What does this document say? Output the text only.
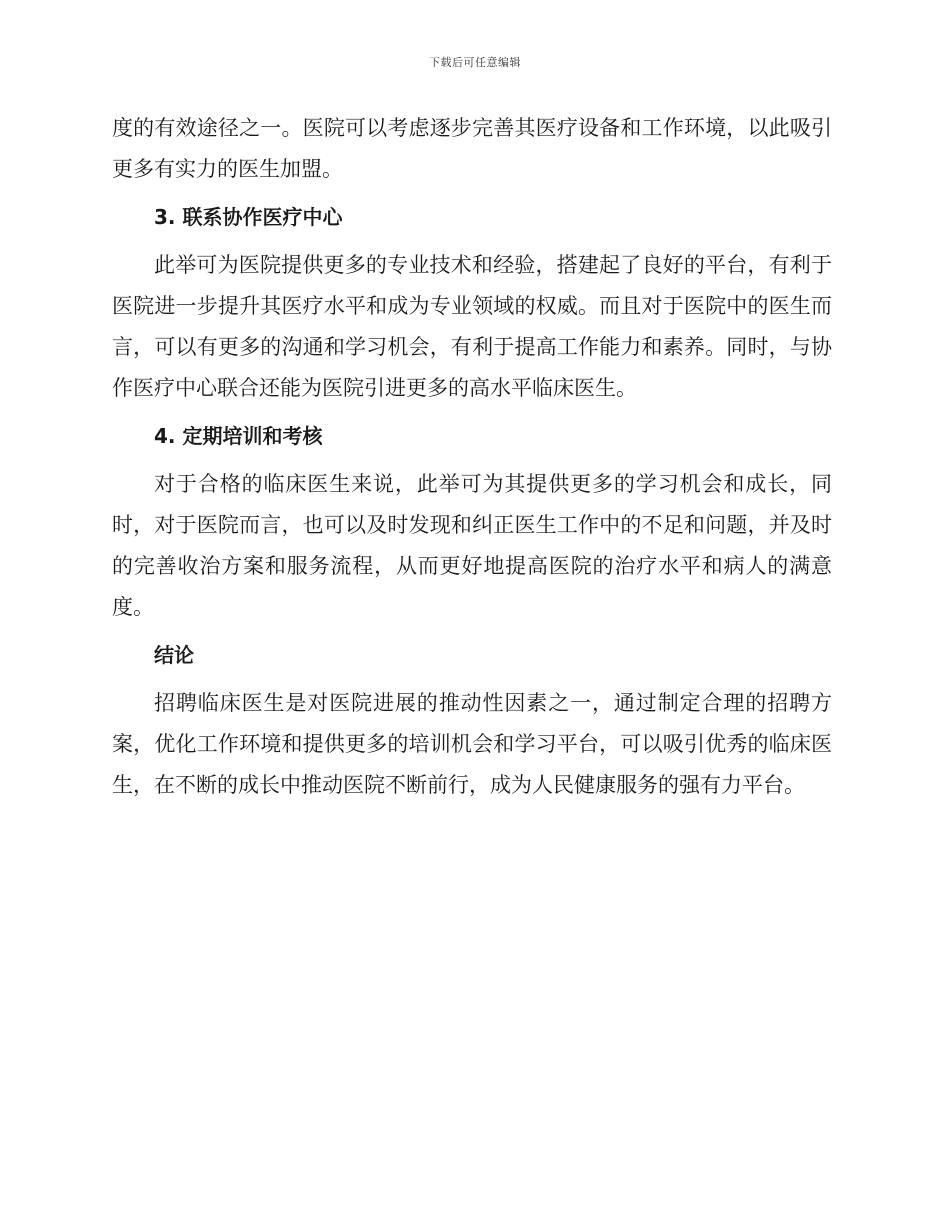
下载后可任意编辑

度的有效途径之一。医院可以考虑逐步完善其医疗设备和工作环境，以此吸引更多有实力的医生加盟。

3. 联系协作医疗中心

此举可为医院提供更多的专业技术和经验，搭建起了良好的平台，有利于医院进一步提升其医疗水平和成为专业领域的权威。而且对于医院中的医生而言，可以有更多的沟通和学习机会，有利于提高工作能力和素养。同时，与协作医疗中心联合还能为医院引进更多的高水平临床医生。

4. 定期培训和考核

对于合格的临床医生来说，此举可为其提供更多的学习机会和成长，同时，对于医院而言，也可以及时发现和纠正医生工作中的不足和问题，并及时的完善收治方案和服务流程，从而更好地提高医院的治疗水平和病人的满意度。

结论

招聘临床医生是对医院进展的推动性因素之一，通过制定合理的招聘方案，优化工作环境和提供更多的培训机会和学习平台，可以吸引优秀的临床医生，在不断的成长中推动医院不断前行，成为人民健康服务的强有力平台。
